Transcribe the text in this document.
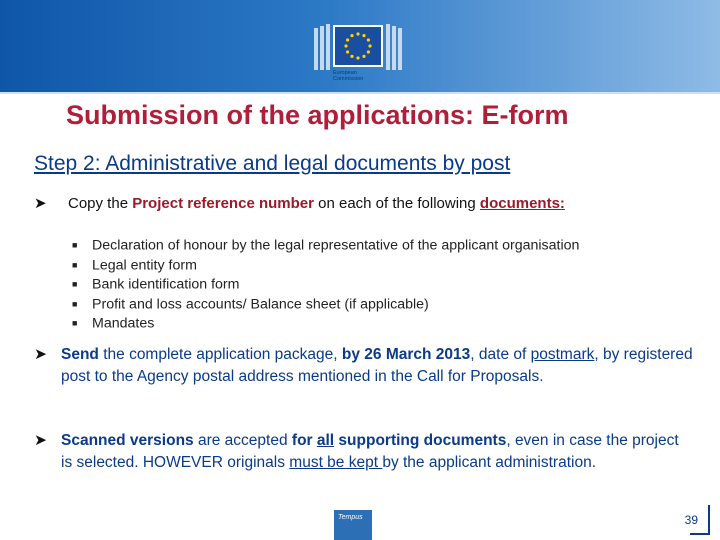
European
Commission
Submission of the applications: E-form
Step 2: Administrative and legal documents by post
➤ Copy the Project reference number on each of the following documents:
■ Declaration of honour by the legal representative of the applicant organisation
■ Legal entity form
■ Bank identification form
■ Profit and loss accounts/ Balance sheet (if applicable)
■ Mandates
➤ Send the complete application package, by 26 March 2013, date of postmark, by registered post to the Agency postal address mentioned in the Call for Proposals.
➤ Scanned versions are accepted for all supporting documents, even in case the project is selected. HOWEVER originals must be kept by the applicant administration.
Tempus	39
